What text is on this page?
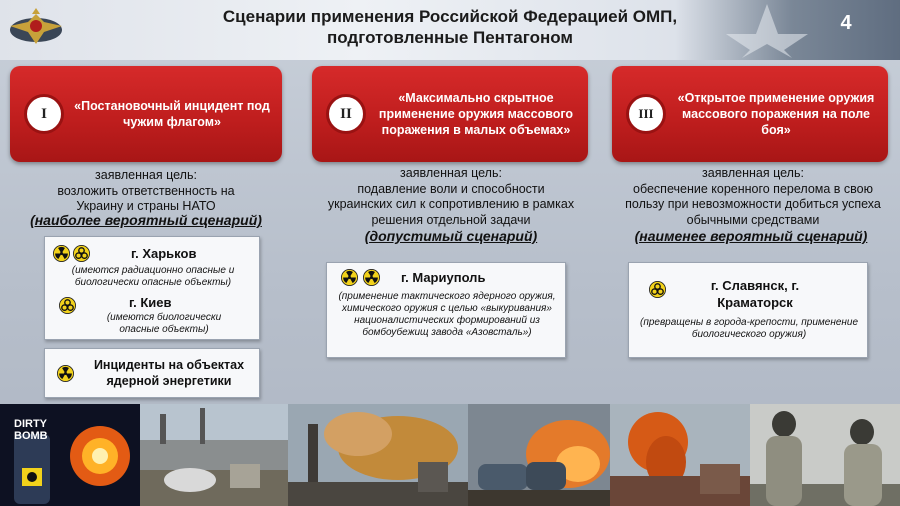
Сценарии применения Российской Федерацией ОМП,
подготовленные Пентагоном
4
I	«Постановочный инцидент под чужим флагом»
заявленная цель:
возложить ответственность на Украину и страны НАТО
(наиболее вероятный сценарий)
г. Харьков
(имеются радиационно опасные и биологически опасные объекты)
г. Киев
(имеются биологически опасные объекты)
Инциденты на объектах ядерной энергетики
II
«Максимально скрытное применение оружия массового поражения в малых объемах»
заявленная цель:
подавление воли и способности украинских сил к сопротивлению в рамках решения отдельной задачи
(допустимый сценарий)
г. Мариуполь
(применение тактического ядерного оружия, химического оружия с целью «выкуривания» националистических формирований из бомбоубежищ завода «Азовсталь»)
III
«Открытое применение оружия массового поражения на поле боя»
заявленная цель:
обеспечение коренного перелома в свою пользу при невозможности добиться успеха обычными средствами
(наименее вероятный сценарий)
г. Славянск, г. Краматорск
(превращены в города-крепости, применение биологического оружия)
DIRTY
BOMB
